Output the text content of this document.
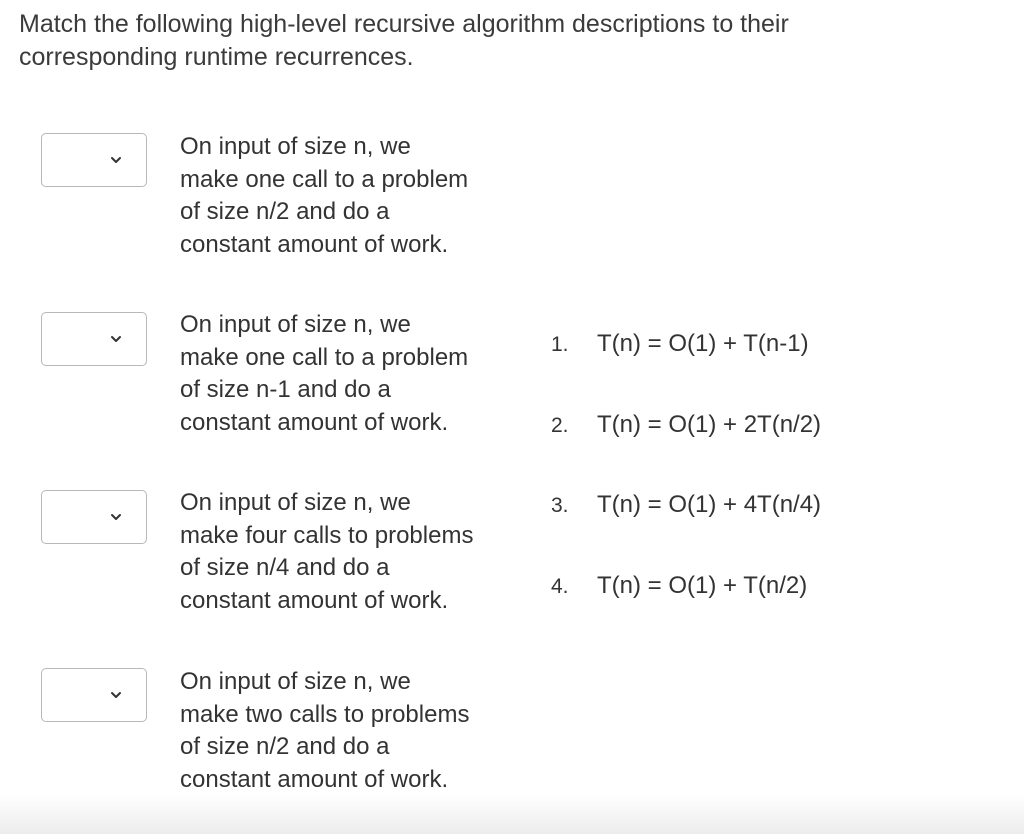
Match the following high-level recursive algorithm descriptions to their corresponding runtime recurrences.
On input of size n, we
make one call to a problem
of size n/2 and do a
constant amount of work.
On input of size n, we
make one call to a problem
of size n-1 and do a
constant amount of work.
On input of size n, we
make four calls to problems
of size n/4 and do a
constant amount of work.
On input of size n, we
make two calls to problems
of size n/2 and do a
constant amount of work.
1. T(n) = O(1) + T(n-1)
2. T(n) = O(1) + 2T(n/2)
3. T(n) = O(1) + 4T(n/4)
4. T(n) = O(1) + T(n/2)
